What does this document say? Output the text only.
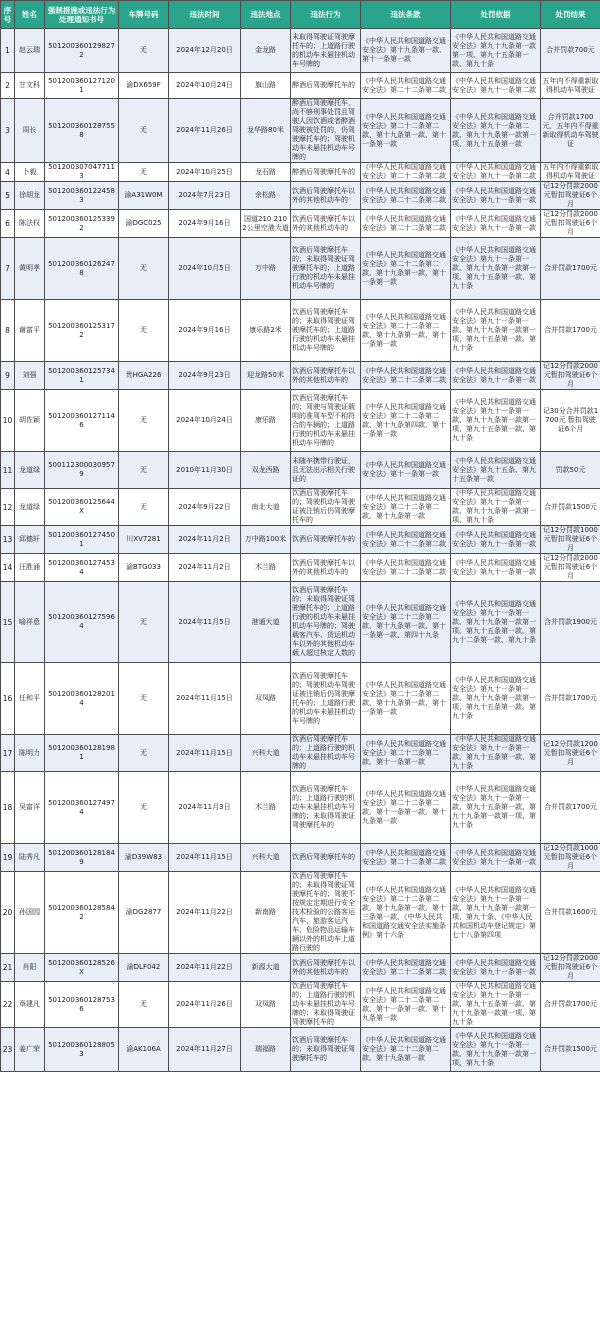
序号	姓名	强制措施或违法行为处理通知书号	车牌号码	违法时间	违法地点	违法行为	违法条款	处罚依据	处罚结果
1	赵云瑞	5012003601298272	无	2024年12月20日	金龙路	未取得驾驶证驾驶摩托车的；上道路行驶的机动车未悬挂机动车号牌的	《中华人民共和国道路交通安全法》第十九条第一款、第十一条第一款	《中华人民共和国道路交通安全法》第九十九条第一款第一项、第九十五条第一款、第九十条	合并罚款700元
2	甘文科	5012003601271201	渝DX659F	2024年10月24日	旗山路	醉酒后驾驶摩托车的	《中华人民共和国道路交通安全法》第二十二条第二款	《中华人民共和国道路交通安全法》第九十一条第二款	五年内不得重新取得机动车驾驶证
3	周长	5012003601287558	无	2024年11月26日	龙华路80米	醉酒后驾驶摩托车，尚不够刑事处罚且驾驶人因饮酒或者醉酒驾驶被处罚的，仍驾驶摩托车的；驾驶机动车未悬挂机动车号牌的	《中华人民共和国道路交通安全法》第二十二条第二款、第十九条第一款、第十一条第一款	《中华人民共和国道路交通安全法》第九十一条第二款、第九十九条第一款第一项、第九十五条第一款	合并罚款1700元，五年内不得重新取得机动车驾驶证
4	卜毅	5012003070477113	无	2024年10月25日	龙石路	醉酒后驾驶摩托车的	《中华人民共和国道路交通安全法》第二十二条第二款	《中华人民共和国道路交通安全法》第九十一条第二款	五年内不得重新取得机动车驾驶证
5	徐胡龙	5012003601224583	渝A31W0M	2024年7月23日	余松路	饮酒后驾驶摩托车以外的其他机动车的	《中华人民共和国道路交通安全法》第二十二条第二款	《中华人民共和国道路交通安全法》第九十一条第一款	记12分罚款2000元暂扣驾驶证6个月
6	陈法权	5012003601253392	渝DGC025	2024年9月16日	国道210 2102公里空港大道	饮酒后驾驶摩托车以外的其他机动车的	《中华人民共和国道路交通安全法》第二十二条第二款	《中华人民共和国道路交通安全法》第九十一条第一款	记12分罚款2000元暂扣驾驶证6个月
7	黄明孝	5012003601262478	无	2024年10月5日	万中路	饮酒后驾驶摩托车的；未取得驾驶证驾驶摩托车的；上道路行驶的机动车未悬挂机动车号牌的	《中华人民共和国道路交通安全法》第二十二条第二款、第十九条第一款、第十一条第一款	《中华人民共和国道路交通安全法》第九十一条第一款、第九十九条第一款第一项、第九十五条第一款、第九十条	合并罚款1700元
8	谢富平	5012003601253172	无	2024年9月16日	康乐路2米	饮酒后驾驶摩托车的；未取得驾驶证驾驶摩托车的；上道路行驶的机动车未悬挂机动车号牌的	《中华人民共和国道路交通安全法》第二十二条第二款、第十九条第一款、第十一条第一款	《中华人民共和国道路交通安全法》第九十一条第一款、第九十九条第一款第一项、第九十五条第一款、第九十条	合并罚款1700元
9	刘强	5012003601257341	贵HGA226	2024年9月23日	迎龙路50米	饮酒后驾驶摩托车以外的其他机动车的	《中华人民共和国道路交通安全法》第二十二条第二款	《中华人民共和国道路交通安全法》第九十一条第一款	记12分罚款2000元暂扣驾驶证6个月
10	胡佐颖	5012003601271146	无	2024年10月24日	康乐路	饮酒后驾驶摩托车的；驾驶与驾驶证载明的准驾车型不相符合的车辆的；上道路行驶的机动车未悬挂机动车号牌的	《中华人民共和国道路交通安全法》第二十二条第二款、第十九条第四款、第十一条第一款	《中华人民共和国道路交通安全法》第九十一条第一款、第九十九条第一款第一项、第九十五条第一款、第九十条	记30分合并罚款1700元 暂扣驾驶证6个月
11	龙道绿	5001123000309579	无	2010年11月30日	双龙西路	未随车携带行驶证，且无法出示相关行驶证的	《中华人民共和国道路交通安全法》第十一条第一款	《中华人民共和国道路交通安全法》第九十五条、第九十五条第一款	罚款50元
12	龙道绿	501200360125644X	无	2024年9月22日	南北大道	饮酒后驾驶摩托车的；驾驶机动车驾驶证被注销后仍驾驶摩托车的	《中华人民共和国道路交通安全法》第二十二条第二款、第十九条第一款	《中华人民共和国道路交通安全法》第九十一条第一款、第九十九条第一款第一项、第九十条	合并罚款1500元
13	邱德轩	5012003601274501	川XV7281	2024年11月2日	万中路100米	饮酒后驾驶摩托车的	《中华人民共和国道路交通安全法》第二十二条第二款	《中华人民共和国道路交通安全法》第九十一条第一款	记12分罚款1000元暂扣驾驶证6个月
14	汪胜涌	5012003601274534	渝BTG033	2024年11月2日	木兰路	饮酒后驾驶摩托车以外的其他机动车的	《中华人民共和国道路交通安全法》第二十二条第二款	《中华人民共和国道路交通安全法》第九十一条第一款	记12分罚款2000元暂扣驾驶证6个月
15	喻祥意	5012003601275964	无	2024年11月5日	港通大道	饮酒后驾驶摩托车的；未取得驾驶证驾驶摩托车的；上道路行驶的机动车未悬挂机动车号牌的；驾驶载客汽车、货运机动车以外的其他机动车载人超过核定人数的	《中华人民共和国道路交通安全法》第二十二条第二款、第十九条第一款、第十一条第一款、第四十九条	《中华人民共和国道路交通安全法》第九十一条第一款、第九十九条第一款第一项、第九十五条第一款、第九十二条第一款、第九十条	合并罚款1900元
16	任和平	5012003601282014	无	2024年11月15日	双凤路	饮酒后驾驶摩托车的；驾驶机动车驾驶证被注销后仍驾驶摩托车的；上道路行驶的机动车未悬挂机动车号牌的	《中华人民共和国道路交通安全法》第二十二条第二款、第十九条第一款、第十一条第一款	《中华人民共和国道路交通安全法》第九十一条第一款、第九十九条第一款第一项、第九十五条第一款、第九十条	合并罚款1700元
17	陈明力	5012003601281981	无	2024年11月15日	兴科大道	饮酒后驾驶摩托车的；上道路行驶的机动车未悬挂机动车号牌的	《中华人民共和国道路交通安全法》第二十二条第二款、第十一条第一款	《中华人民共和国道路交通安全法》第九十一条第一款、第九十五条第一款、第九十条	记12分罚款1200元暂扣驾驶证6个月
18	吴富洋	5012003601274974	无	2024年11月3日	木兰路	饮酒后驾驶摩托车的；上道路行驶的机动车未悬挂机动车号牌的；未取得驾驶证驾驶摩托车的	《中华人民共和国道路交通安全法》第二十二条第二款、第十一条第一款、第十九条第一款	《中华人民共和国道路交通安全法》第九十一条第一款、第九十五条第一款、第九十九条第一款第一项、第九十条	合并罚款1700元
19	陆秀凡	5012003601281849	渝D39W83	2024年11月15日	兴科大道	饮酒后驾驶摩托车的	《中华人民共和国道路交通安全法》第二十二条第二款	《中华人民共和国道路交通安全法》第九十一条第一款	记12分罚款1000元暂扣驾驶证6个月
20	孙国园	5012003601285842	渝DG2877	2024年11月22日	新南路	饮酒后驾驶摩托车的；未取得驾驶证驾驶摩托车的；驾驶不按规定定期进行安全技术检验的公路客运汽车、旅游客运汽车、危险物品运输车辆以外的机动车上道路行驶的	《中华人民共和国道路交通安全法》第二十二条第二款、第十九条第一款、第十三条第一款、《中华人民共和国道路交通安全法实施条例》第十六条	《中华人民共和国道路交通安全法》第九十一条第一款、第九十九条第一款第一项、第九十条、《中华人民共和国机动车登记规定》第七十八条第四项	合并罚款1600元
21	肖阳	501200360128526X	渝DLF042	2024年11月22日	新源大道	饮酒后驾驶摩托车以外的其他机动车的	《中华人民共和国道路交通安全法》第二十二条第二款	《中华人民共和国道路交通安全法》第九十一条第一款	记12分罚款2000元暂扣驾驶证6个月
22	章建凡	5012003601287536	无	2024年11月26日	双凤路	饮酒后驾驶摩托车的；上道路行驶的机动车未悬挂机动车号牌的；未取得驾驶证驾驶摩托车的	《中华人民共和国道路交通安全法》第二十二条第二款、第十一条第一款、第十九条第一款	《中华人民共和国道路交通安全法》第九十一条第一款、第九十五条第一款、第九十九条第一款第一项、第九十条	合并罚款1700元
23	姜广荣	5012003601288053	渝AK106A	2024年11月27日	瑞福路	饮酒后驾驶摩托车的；未取得驾驶证驾驶摩托车的	《中华人民共和国道路交通安全法》第二十二条第二款、第十九条第一款	《中华人民共和国道路交通安全法》第九十一条第一款、第九十九条第一款第一项、第九十条	合并罚款1500元
